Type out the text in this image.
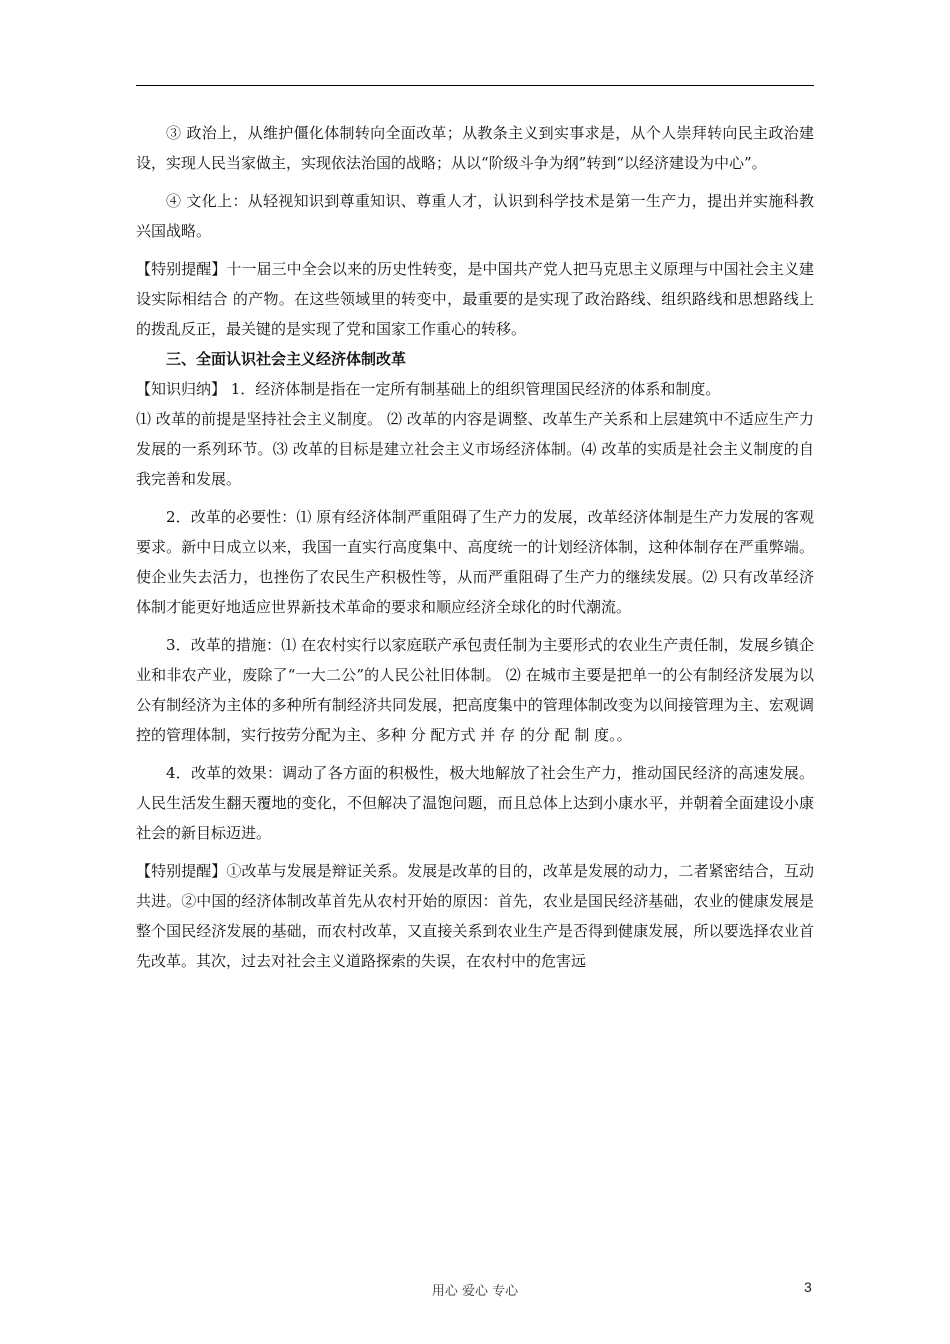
③ 政治上，从维护僵化体制转向全面改革；从教条主义到实事求是，从个人崇拜转向民主政治建设，实现人民当家做主，实现依法治国的战略；从以“阶级斗争为纲”转到“以经济建设为中心”。

④ 文化上：从轻视知识到尊重知识、尊重人才，认识到科学技术是第一生产力，提出并实施科教兴国战略。

【特别提醒】十一届三中全会以来的历史性转变，是中国共产党人把马克思主义原理与中国社会主义建设实际相结合 的产物。在这些领域里的转变中，最重要的是实现了政治路线、组织路线和思想路线上的拨乱反正，最关键的是实现了党和国家工作重心的转移。

三、全面认识社会主义经济体制改革

【知识归纳】 1．经济体制是指在一定所有制基础上的组织管理国民经济的体系和制度。

⑴ 改革的前提是坚持社会主义制度。 ⑵ 改革的内容是调整、改革生产关系和上层建筑中不适应生产力发展的一系列环节。⑶ 改革的目标是建立社会主义市场经济体制。⑷ 改革的实质是社会主义制度的自我完善和发展。

2．改革的必要性：⑴ 原有经济体制严重阻碍了生产力的发展，改革经济体制是生产力发展的客观要求。新中日成立以来，我国一直实行高度集中、高度统一的计划经济体制，这种体制存在严重弊端。使企业失去活力，也挫伤了农民生产积极性等，从而严重阻碍了生产力的继续发展。⑵ 只有改革经济体制才能更好地适应世界新技术革命的要求和顺应经济全球化的时代潮流。

3．改革的措施：⑴ 在农村实行以家庭联产承包责任制为主要形式的农业生产责任制，发展乡镇企业和非农产业，废除了“一大二公”的人民公社旧体制。 ⑵ 在城市主要是把单一的公有制经济发展为以公有制经济为主体的多种所有制经济共同发展，把高度集中的管理体制改变为以间接管理为主、宏观调控的管理体制，实行按劳分配为主、多种 分 配方式 并 存 的分 配 制 度。。

4．改革的效果：调动了各方面的积极性，极大地解放了社会生产力，推动国民经济的高速发展。人民生活发生翻天覆地的变化，不但解决了温饱问题，而且总体上达到小康水平，并朝着全面建设小康社会的新目标迈进。

【特别提醒】①改革与发展是辩证关系。发展是改革的目的，改革是发展的动力，二者紧密结合，互动共进。②中国的经济体制改革首先从农村开始的原因：首先，农业是国民经济基础，农业的健康发展是整个国民经济发展的基础，而农村改革，又直接关系到农业生产是否得到健康发展，所以要选择农业首先改革。其次，过去对社会主义道路探索的失误，在农村中的危害远

用心 爱心 专心	3
